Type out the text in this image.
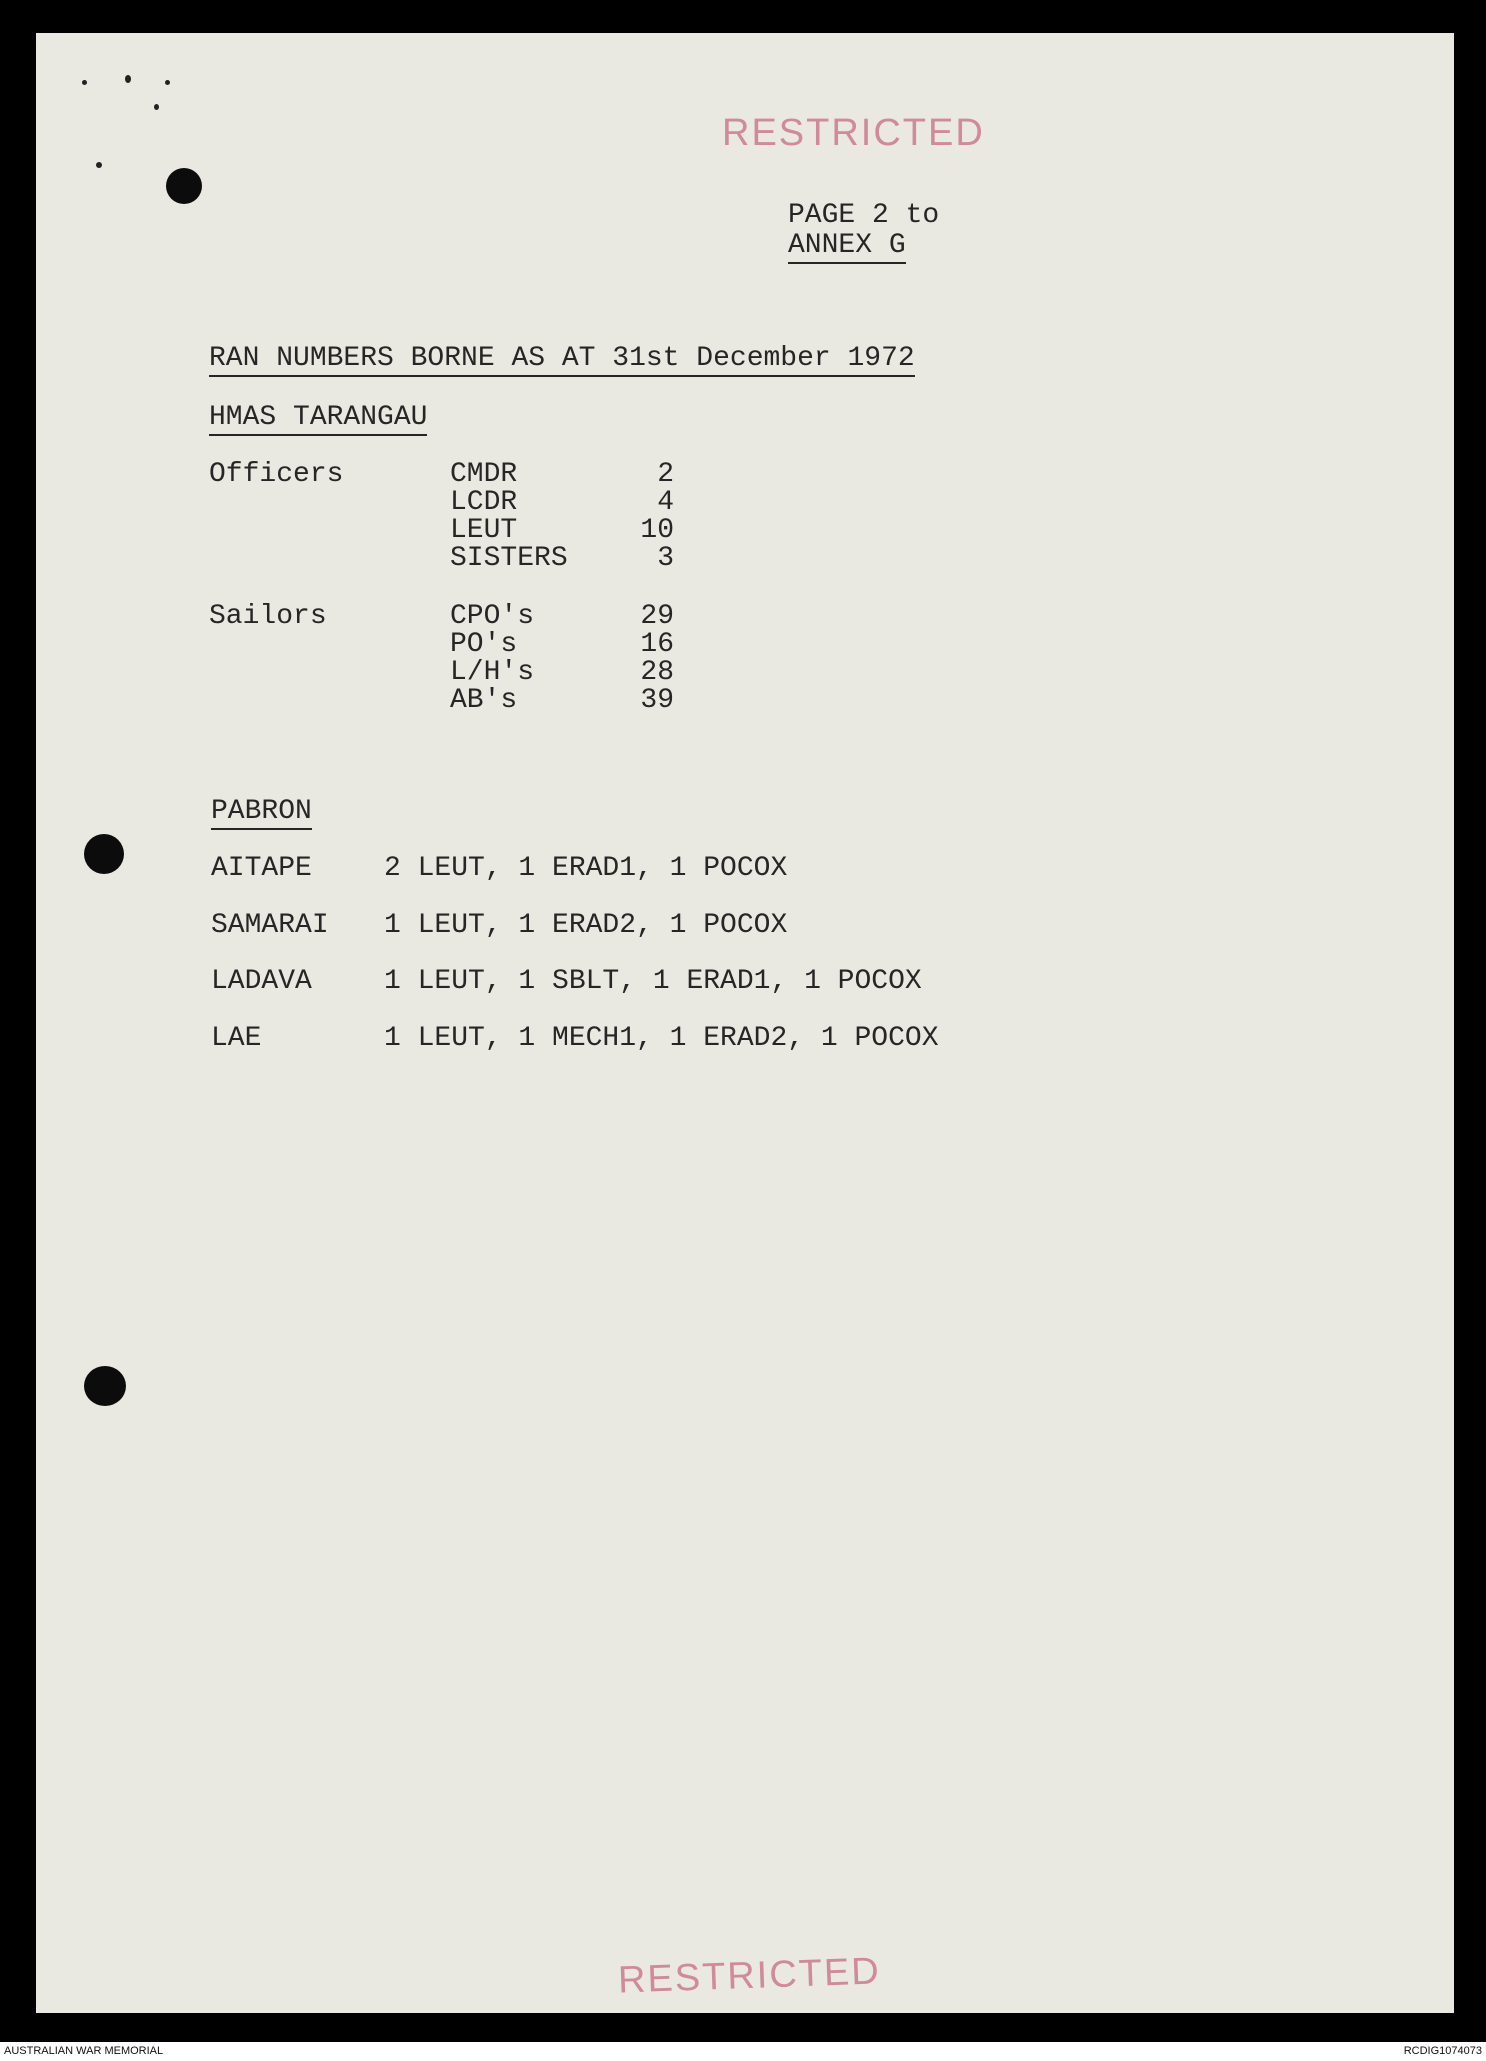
RESTRICTED
RESTRICTED
PAGE 2 to
ANNEX G
RAN NUMBERS BORNE AS AT 31st December 1972
HMAS TARANGAU
Officers	CMDR	2
LCDR	4
LEUT	10
SISTERS	3
Sailors	CPO's	29
PO's	16
L/H's	28
AB's	39
PABRON
AITAPE	2 LEUT, 1 ERAD1, 1 POCOX
SAMARAI 1 LEUT, 1 ERAD2, 1 POCOX
LADAVA	1 LEUT, 1 SBLT, 1 ERAD1, 1 POCOX
LAE	1 LEUT, 1 MECH1, 1 ERAD2, 1 POCOX
AUSTRALIAN WAR MEMORIAL	RCDIG1074073
